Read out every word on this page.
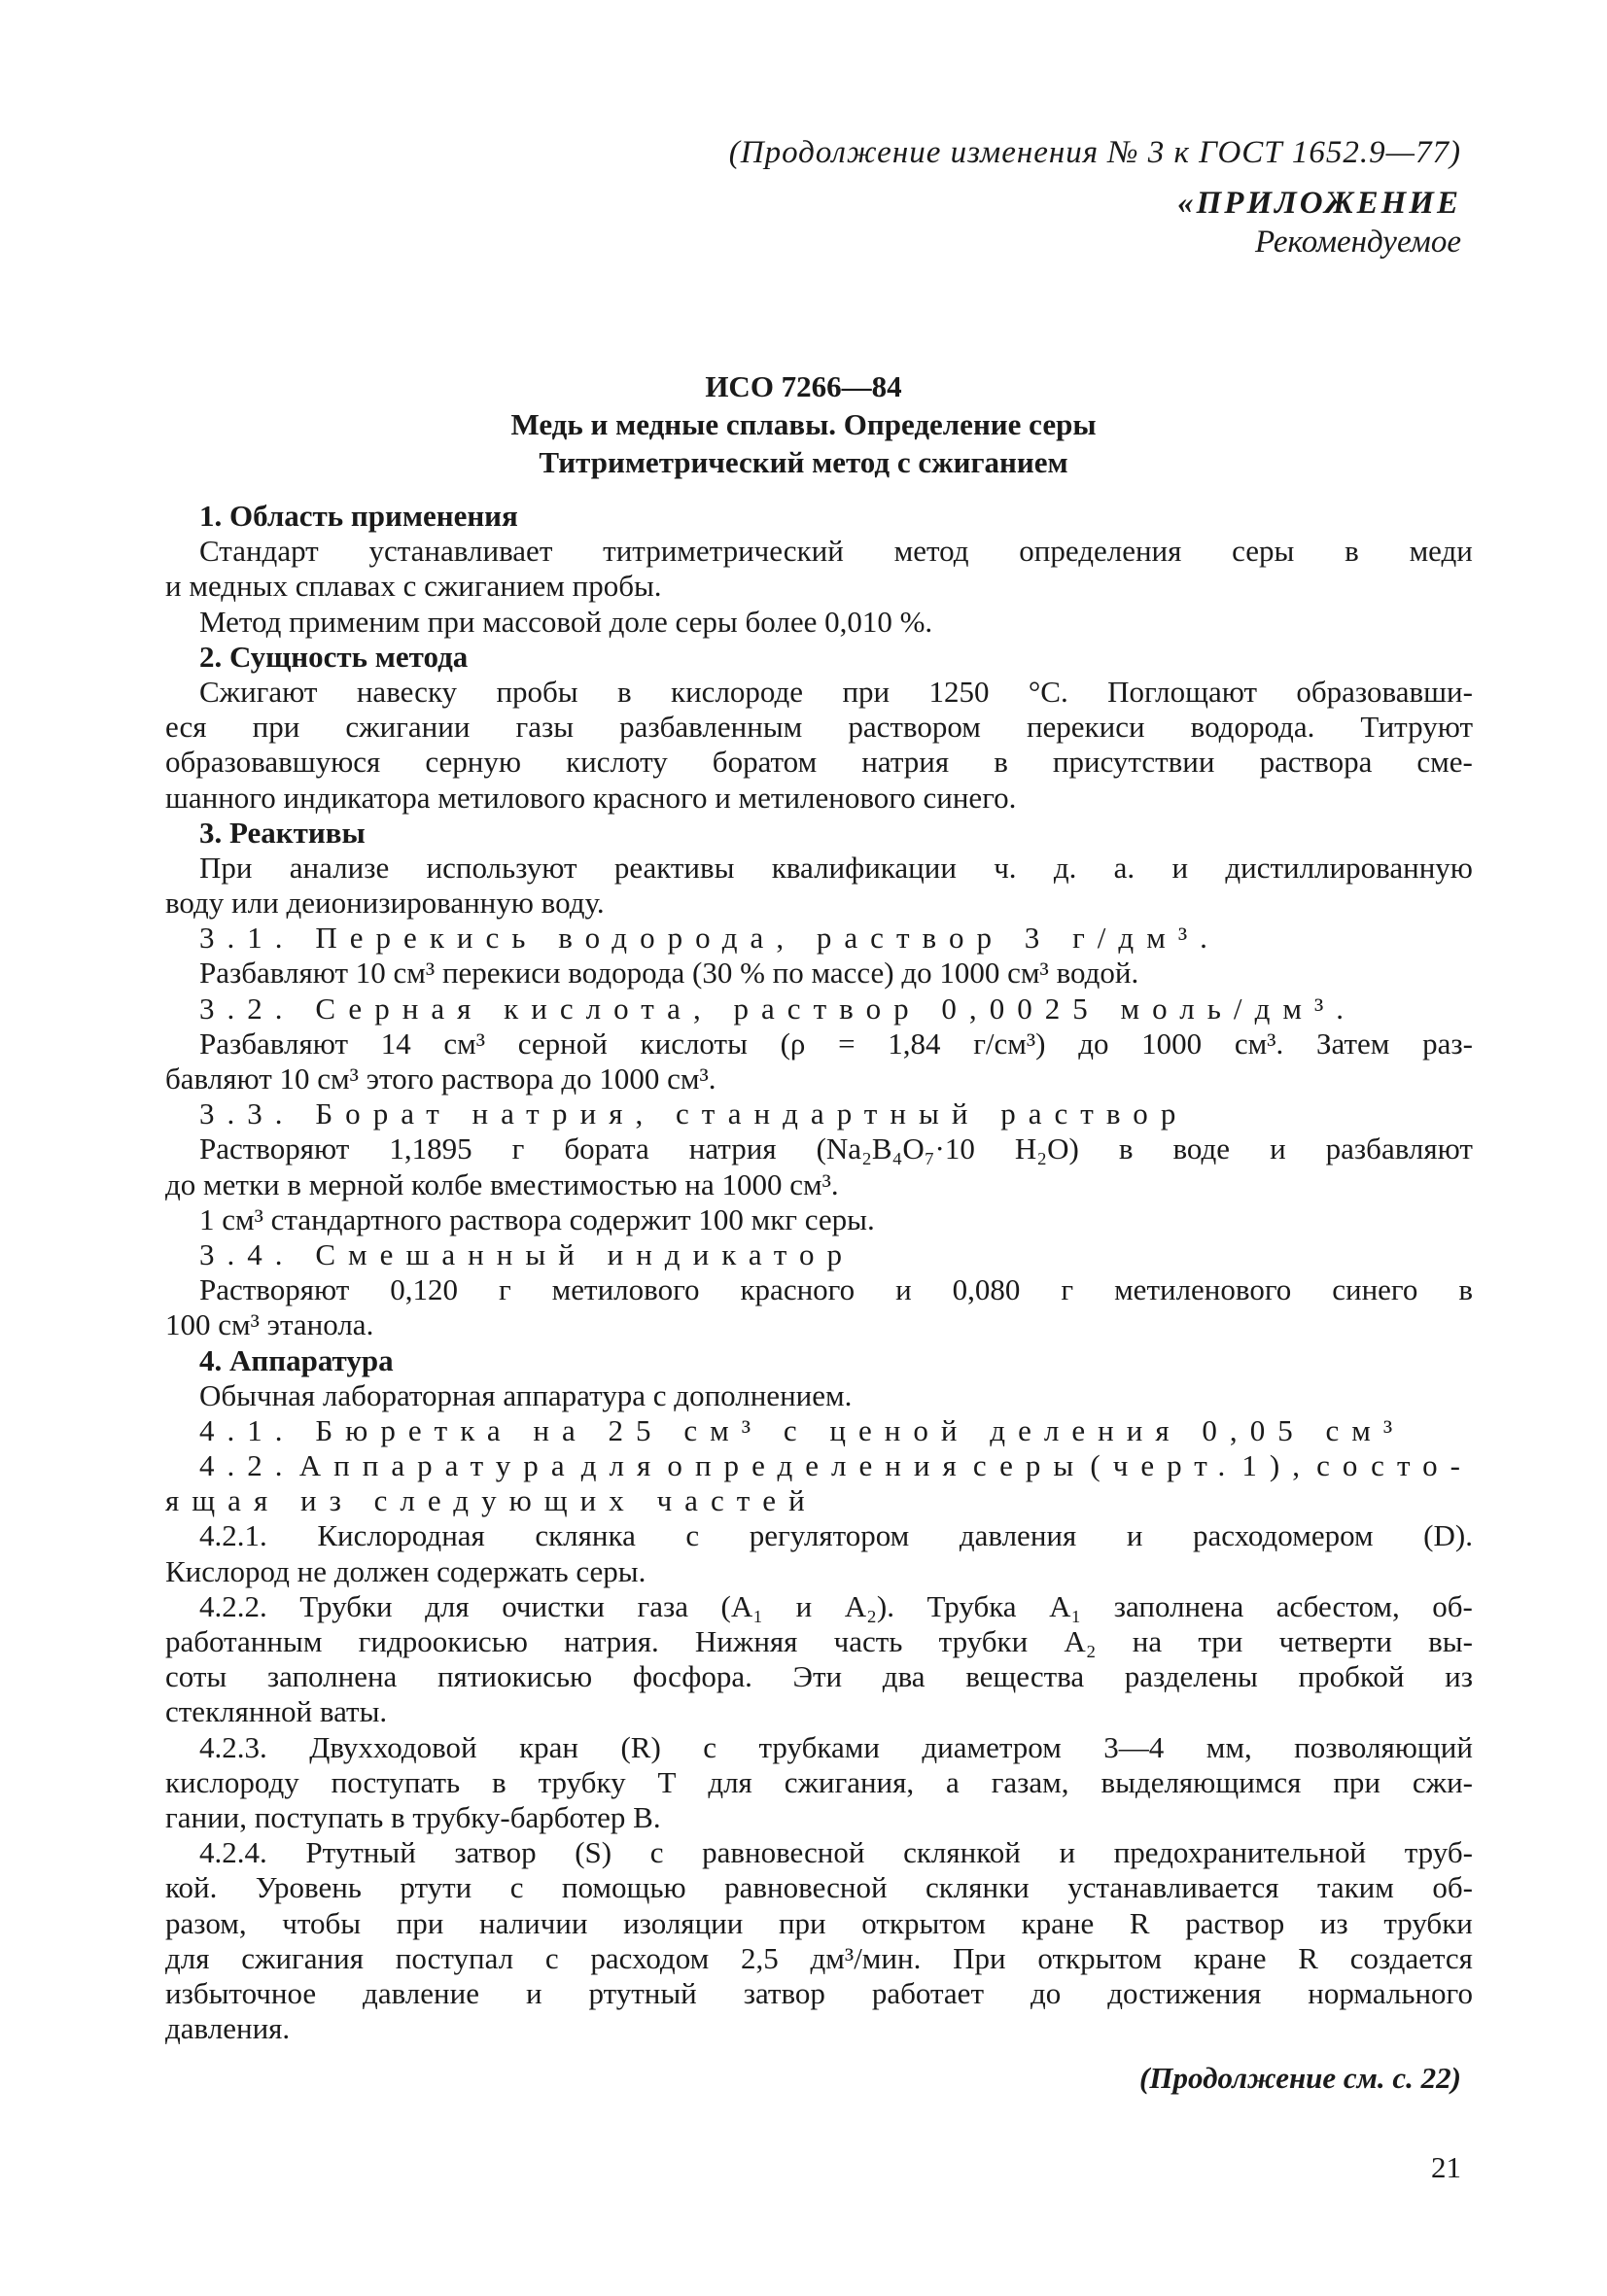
(Продолжение изменения № 3 к ГОСТ 1652.9—77)
«ПРИЛОЖЕНИЕ
Рекомендуемое
ИСО 7266—84
Медь и медные сплавы. Определение серы
Титриметрический метод с сжиганием
1. Область применения
Стандарт устанавливает титриметрический метод определения серы в меди
и медных сплавах с сжиганием пробы.
Метод применим при массовой доле серы более 0,010 %.
2. Сущность метода
Сжигают навеску пробы в кислороде при 1250 °С. Поглощают образовавши-
еся при сжигании газы разбавленным раствором перекиси водорода. Титруют
образовавшуюся серную кислоту боратом натрия в присутствии раствора сме-
шанного индикатора метилового красного и метиленового синего.
3. Реактивы
При анализе используют реактивы квалификации ч. д. а. и дистиллированную
воду или деионизированную воду.
3.1. Перекись водорода, раствор 3 г/дм³.
Разбавляют 10 см³ перекиси водорода (30 % по массе) до 1000 см³ водой.
3.2. Серная кислота, раствор 0,0025 моль/дм³.
Разбавляют 14 см³ серной кислоты (ρ = 1,84 г/см³) до 1000 см³. Затем раз-
бавляют 10 см³ этого раствора до 1000 см³.
3.3. Борат натрия, стандартный раствор
Растворяют 1,1895 г бората натрия (Na₂B₄O₇·10 H₂O) в воде и разбавляют
до метки в мерной колбе вместимостью на 1000 см³.
1 см³ стандартного раствора содержит 100 мкг серы.
3.4. Смешанный индикатор
Растворяют 0,120 г метилового красного и 0,080 г метиленового синего в
100 см³ этанола.
4. Аппаратура
Обычная лабораторная аппаратура с дополнением.
4.1. Бюретка на 25 см³ с ценой деления 0,05 см³
4.2. Аппаратура для определения серы (черт. 1), состо-
ящая из следующих частей
4.2.1. Кислородная склянка с регулятором давления и расходомером (D).
Кислород не должен содержать серы.
4.2.2. Трубки для очистки газа (A₁ и A₂). Трубка A₁ заполнена асбестом, об-
работанным гидроокисью натрия. Нижняя часть трубки A₂ на три четверти вы-
соты заполнена пятиокисью фосфора. Эти два вещества разделены пробкой из
стеклянной ваты.
4.2.3. Двухходовой кран (R) с трубками диаметром 3—4 мм, позволяющий
кислороду поступать в трубку T для сжигания, а газам, выделяющимся при сжи-
гании, поступать в трубку-барботер B.
4.2.4. Ртутный затвор (S) с равновесной склянкой и предохранительной труб-
кой. Уровень ртути с помощью равновесной склянки устанавливается таким об-
разом, чтобы при наличии изоляции при открытом кране R раствор из трубки
для сжигания поступал с расходом 2,5 дм³/мин. При открытом кране R создается
избыточное давление и ртутный затвор работает до достижения нормального
давления.
(Продолжение см. с. 22)
21
